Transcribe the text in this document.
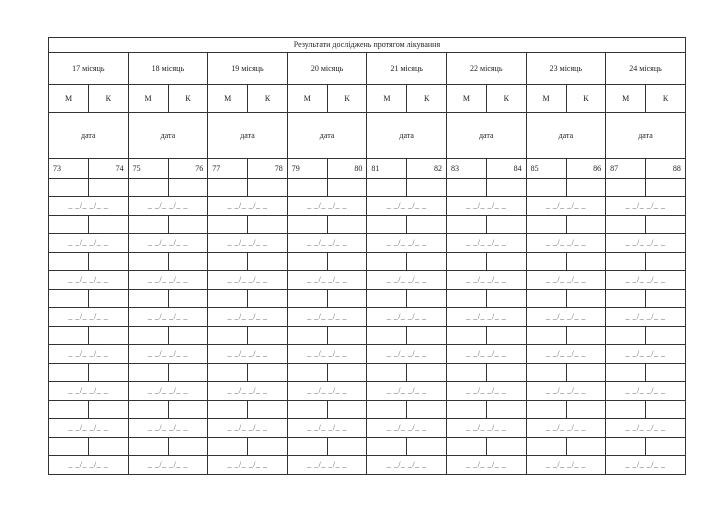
Результати досліджень протягом лікування															
17 місяць		18 місяць		19 місяць		20 місяць		21 місяць		22 місяць		23 місяць		24 місяць	
М	К	М	К	М	К	М	К	М	К	М	К	М	К	М	К
дата		дата		дата		дата		дата		дата		дата		дата	
73	74	75	76	77	78	79	80	81	82	83	84	85	86	87	88

_ _/_ _/_ _		_ _/_ _/_ _		_ _/_ _/_ _		_ _/_ _/_ _		_ _/_ _/_ _		_ _/_ _/_ _		_ _/_ _/_ _		_ _/_ _/_ _	

_ _/_ _/_ _		_ _/_ _/_ _		_ _/_ _/_ _		_ _/_ _/_ _		_ _/_ _/_ _		_ _/_ _/_ _		_ _/_ _/_ _		_ _/_ _/_ _	

_ _/_ _/_ _		_ _/_ _/_ _		_ _/_ _/_ _		_ _/_ _/_ _		_ _/_ _/_ _		_ _/_ _/_ _		_ _/_ _/_ _		_ _/_ _/_ _	

_ _/_ _/_ _		_ _/_ _/_ _		_ _/_ _/_ _		_ _/_ _/_ _		_ _/_ _/_ _		_ _/_ _/_ _		_ _/_ _/_ _		_ _/_ _/_ _	

_ _/_ _/_ _		_ _/_ _/_ _		_ _/_ _/_ _		_ _/_ _/_ _		_ _/_ _/_ _		_ _/_ _/_ _		_ _/_ _/_ _		_ _/_ _/_ _	

_ _/_ _/_ _		_ _/_ _/_ _		_ _/_ _/_ _		_ _/_ _/_ _		_ _/_ _/_ _		_ _/_ _/_ _		_ _/_ _/_ _		_ _/_ _/_ _	

_ _/_ _/_ _		_ _/_ _/_ _		_ _/_ _/_ _		_ _/_ _/_ _		_ _/_ _/_ _		_ _/_ _/_ _		_ _/_ _/_ _		_ _/_ _/_ _	

_ _/_ _/_ _		_ _/_ _/_ _		_ _/_ _/_ _		_ _/_ _/_ _		_ _/_ _/_ _		_ _/_ _/_ _		_ _/_ _/_ _		_ _/_ _/_ _	
